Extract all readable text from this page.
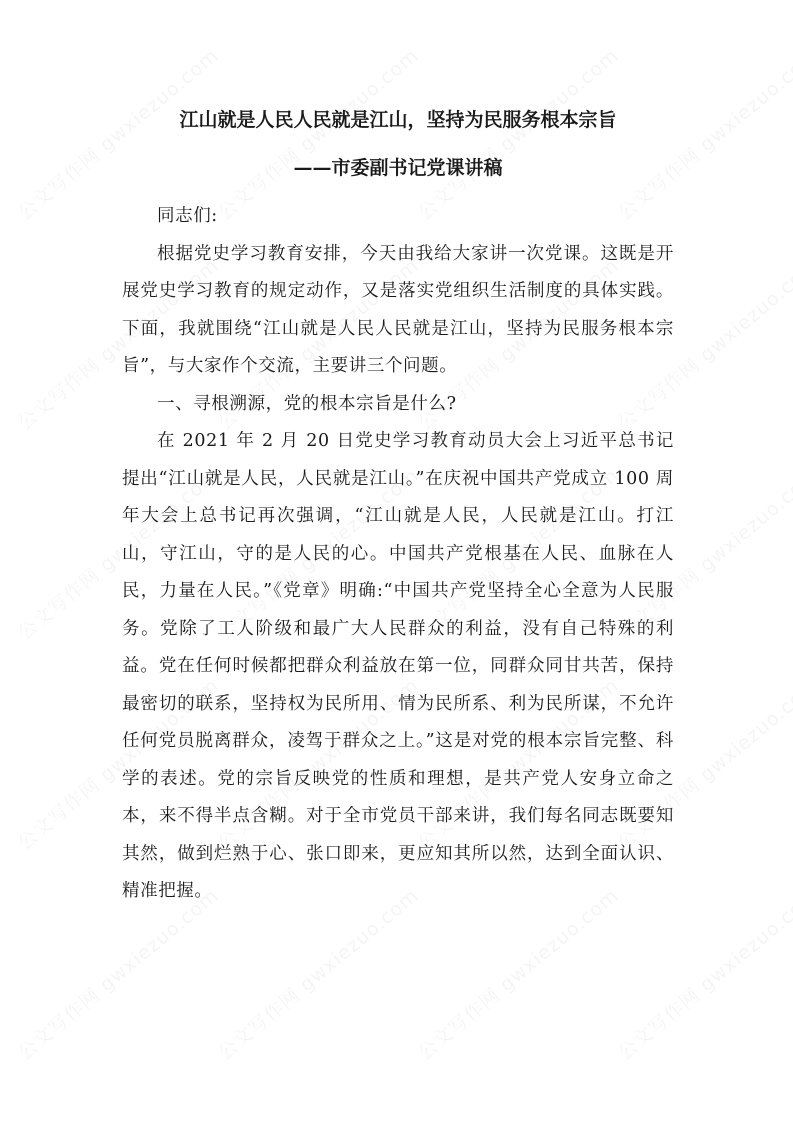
江山就是人民人民就是江山，坚持为民服务根本宗旨
——市委副书记党课讲稿

同志们:

根据党史学习教育安排，今天由我给大家讲一次党课。这既是开展党史学习教育的规定动作，又是落实党组织生活制度的具体实践。下面，我就围绕“江山就是人民人民就是江山，坚持为民服务根本宗旨”，与大家作个交流，主要讲三个问题。

一、寻根溯源，党的根本宗旨是什么?

在 2021 年 2 月 20 日党史学习教育动员大会上习近平总书记提出“江山就是人民，人民就是江山。”在庆祝中国共产党成立 100 周年大会上总书记再次强调，“江山就是人民，人民就是江山。打江山，守江山，守的是人民的心。中国共产党根基在人民、血脉在人民，力量在人民。”《党章》明确:“中国共产党坚持全心全意为人民服务。党除了工人阶级和最广大人民群众的利益，没有自己特殊的利益。党在任何时候都把群众利益放在第一位，同群众同甘共苦，保持最密切的联系，坚持权为民所用、情为民所系、利为民所谋，不允许任何党员脱离群众，凌驾于群众之上。”这是对党的根本宗旨完整、科学的表述。党的宗旨反映党的性质和理想，是共产党人安身立命之本，来不得半点含糊。对于全市党员干部来讲，我们每名同志既要知其然，做到烂熟于心、张口即来，更应知其所以然，达到全面认识、精准把握。
